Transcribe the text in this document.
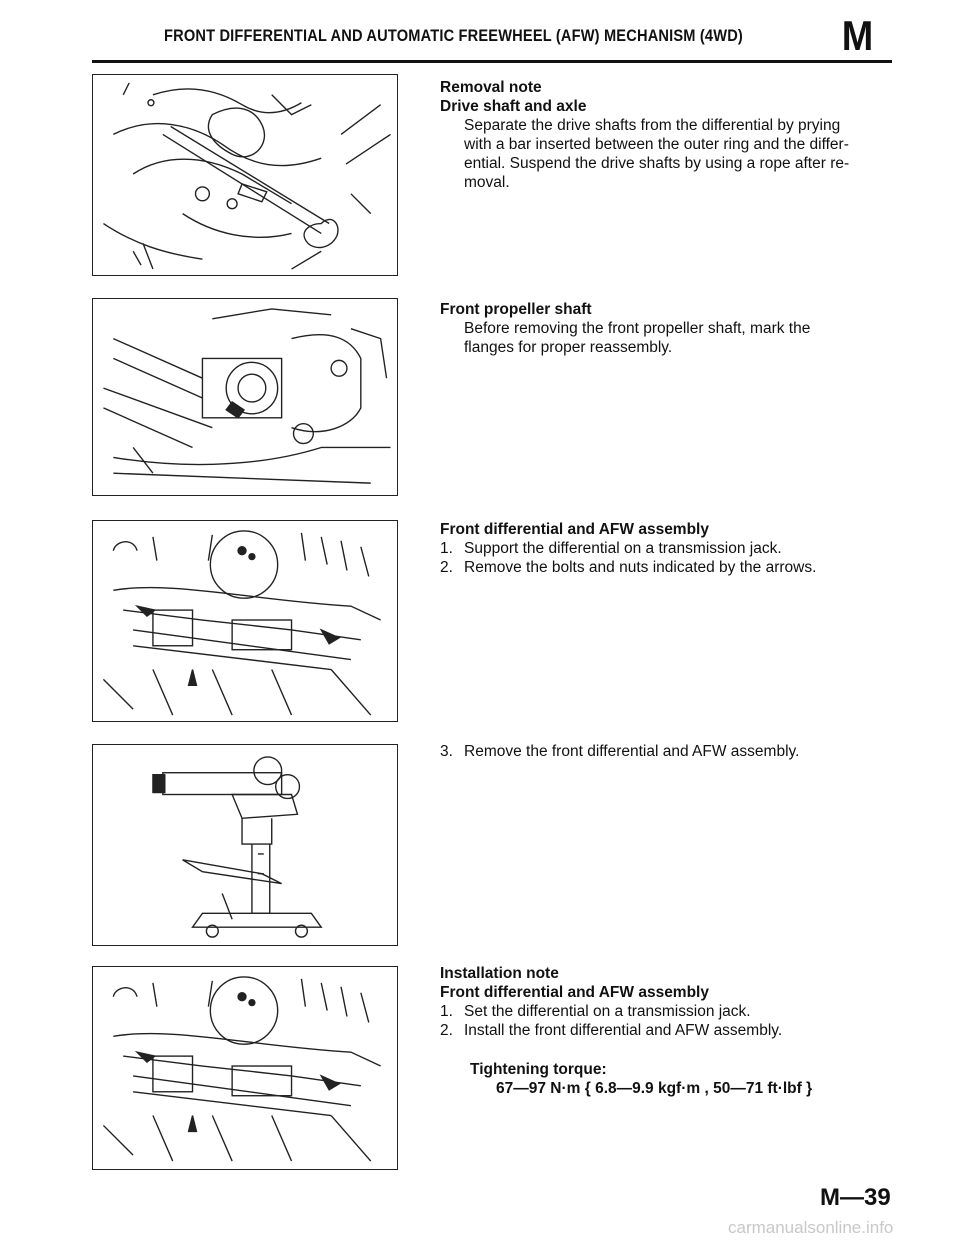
FRONT DIFFERENTIAL AND AUTOMATIC FREEWHEEL (AFW) MECHANISM (4WD) M
Removal note
Drive shaft and axle
Separate the drive shafts from the differential by prying
with a bar inserted between the outer ring and the differ-
ential. Suspend the drive shafts by using a rope after re-
moval.
Front propeller shaft
Before removing the front propeller shaft, mark the
flanges for proper reassembly.
Front differential and AFW assembly
1. Support the differential on a transmission jack.
2. Remove the bolts and nuts indicated by the arrows.
3. Remove the front differential and AFW assembly.
Installation note
Front differential and AFW assembly
1. Set the differential on a transmission jack.
2. Install the front differential and AFW assembly.
Tightening torque:
67—97 N·m { 6.8—9.9 kgf·m , 50—71 ft·lbf }
M—39
carmanualsonline.info
